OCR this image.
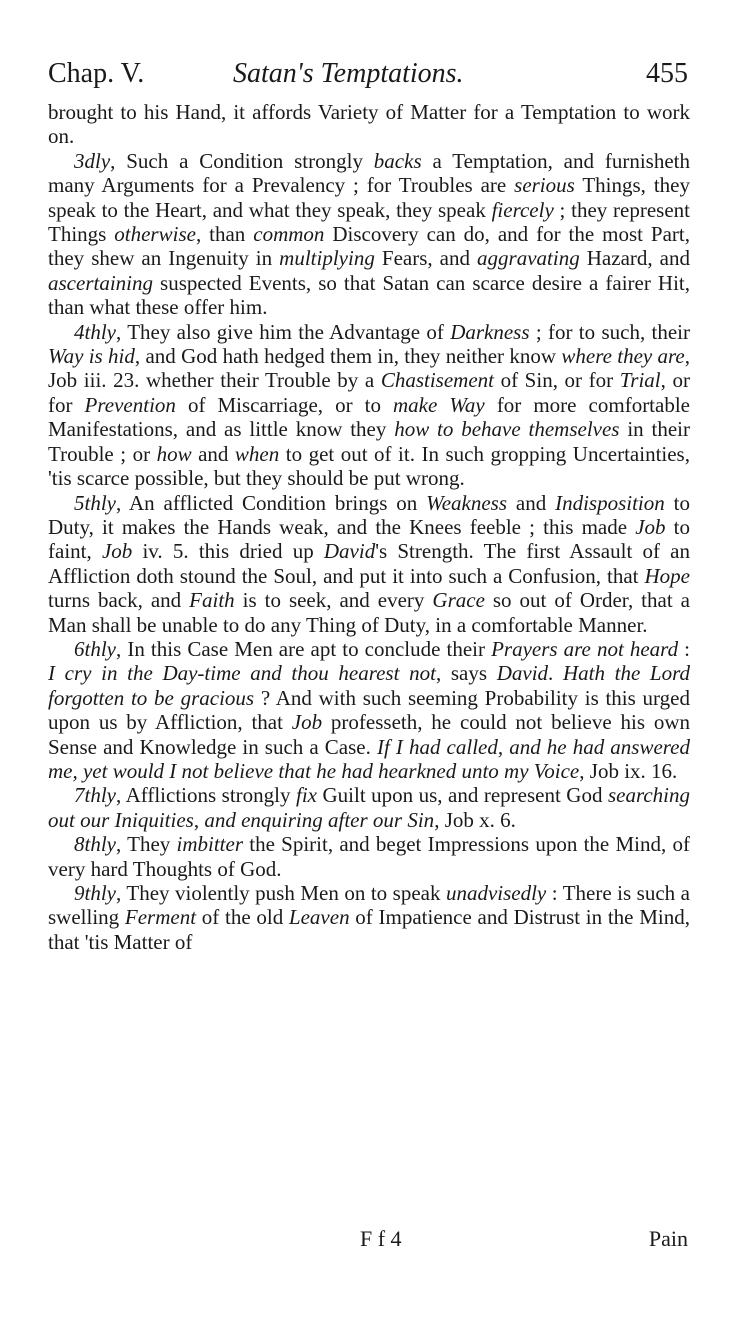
Chap. V.	Satan's Temptations.	455

brought to his Hand, it affords Variety of Matter for a Temptation to work on.

3dly, Such a Condition strongly backs a Temptation, and furnisheth many Arguments for a Prevalency ; for Troubles are serious Things, they speak to the Heart, and what they speak, they speak fiercely ; they represent Things otherwise, than common Discovery can do, and for the most Part, they shew an Ingenuity in multiplying Fears, and aggravating Hazard, and ascertaining suspected Events, so that Satan can scarce desire a fairer Hit, than what these offer him.

4thly, They also give him the Advantage of Darkness ; for to such, their Way is hid, and God hath hedged them in, they neither know where they are, Job iii. 23. whether their Trouble by a Chastisement of Sin, or for Trial, or for Prevention of Miscarriage, or to make Way for more comfortable Manifestations, and as little know they how to behave themselves in their Trouble ; or how and when to get out of it. In such gropping Uncertainties, 'tis scarce possible, but they should be put wrong.

5thly, An afflicted Condition brings on Weakness and Indisposition to Duty, it makes the Hands weak, and the Knees feeble ; this made Job to faint, Job iv. 5. this dried up David's Strength. The first Assault of an Affliction doth stound the Soul, and put it into such a Confusion, that Hope turns back, and Faith is to seek, and every Grace so out of Order, that a Man shall be unable to do any Thing of Duty, in a comfortable Manner.

6thly, In this Case Men are apt to conclude their Prayers are not heard : I cry in the Day-time and thou hearest not, says David. Hath the Lord forgotten to be gracious ? And with such seeming Probability is this urged upon us by Affliction, that Job professeth, he could not believe his own Sense and Knowledge in such a Case. If I had called, and he had answered me, yet would I not believe that he had hearkned unto my Voice, Job ix. 16.

7thly, Afflictions strongly fix Guilt upon us, and represent God searching out our Iniquities, and enquiring after our Sin, Job x. 6.

8thly, They imbitter the Spirit, and beget Impressions upon the Mind, of very hard Thoughts of God.

9thly, They violently push Men on to speak unadvisedly : There is such a swelling Ferment of the old Leaven of Impatience and Distrust in the Mind, that 'tis Matter of

F f 4	Pain
